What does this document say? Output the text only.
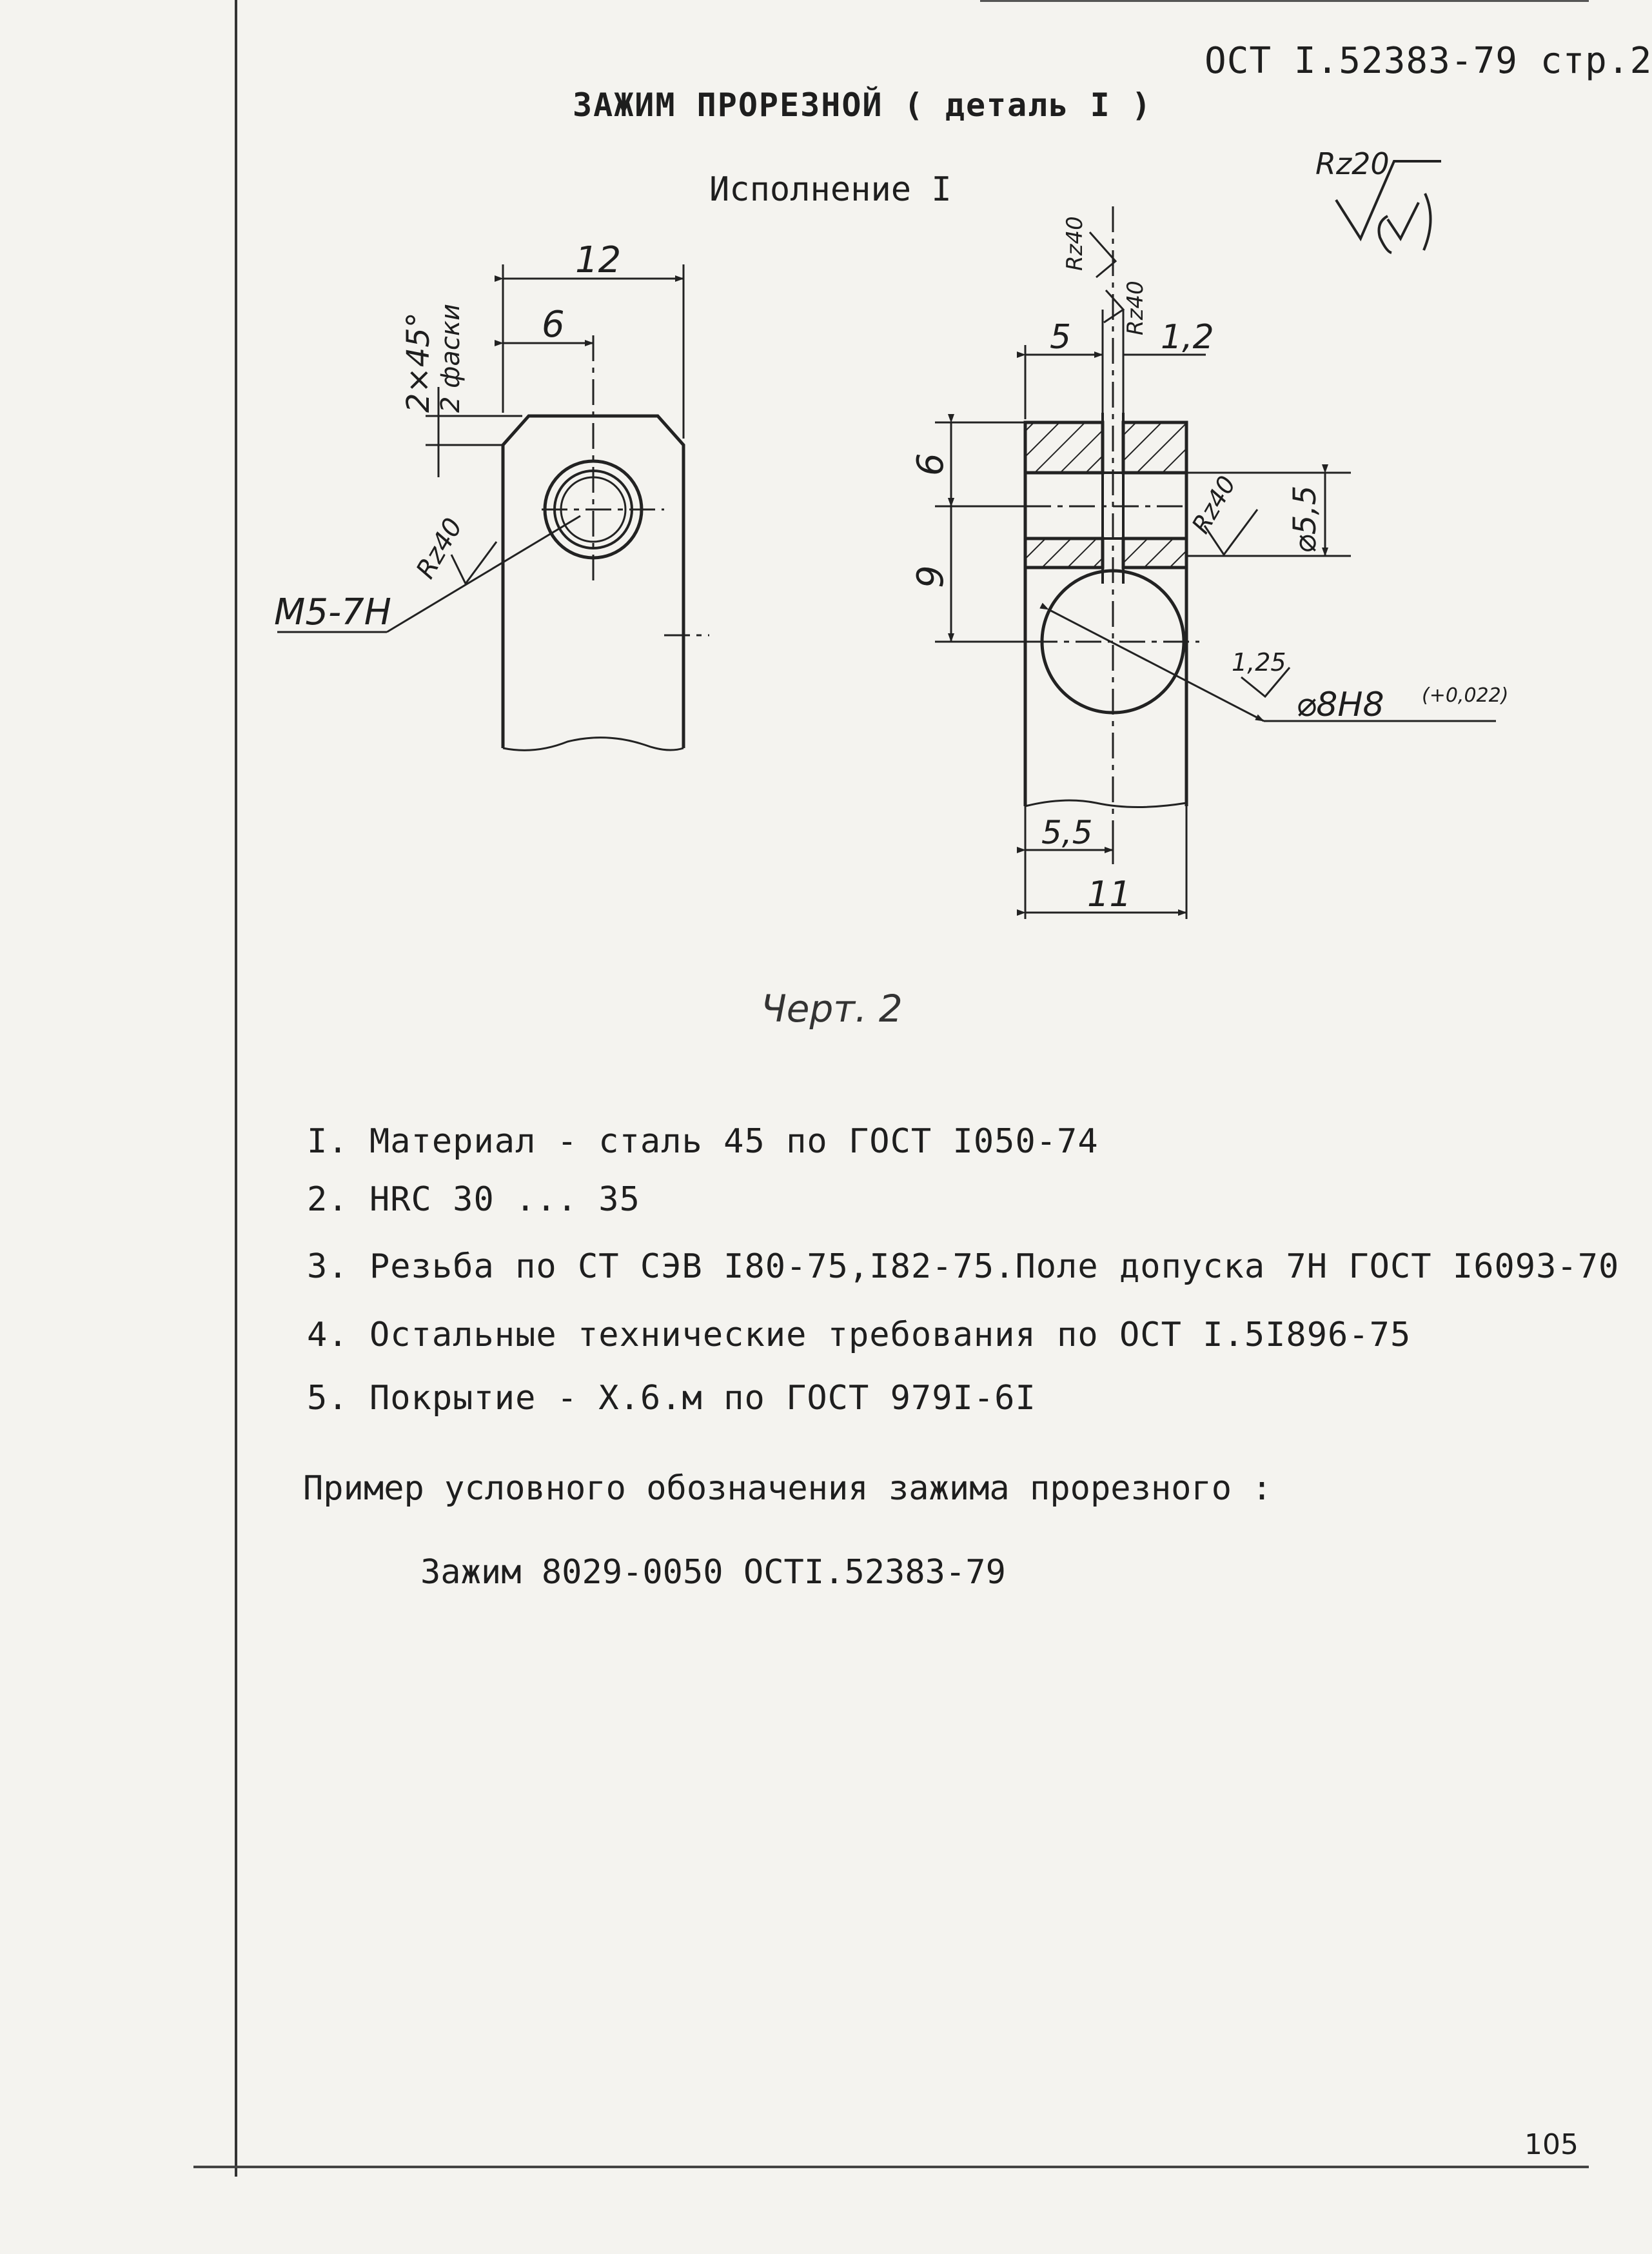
ОСТ I.52383-79 стр.2
ЗАЖИМ ПРОРЕЗНОЙ ( деталь I )
Исполнение I
Rz20
12
6
2×45° 2 фаски
Rz40
М5-7Н
5	1,2
Rz40
Rz40
6
9
Rz40 ⌀5,5
1,25
⌀8Н8 (+0,022)
5,5
11
Черт. 2
I. Материал - сталь 45 по ГОСТ I050-74
2. HRC 30 ... 35
3. Резьба по СТ СЭВ I80-75,I82-75.Поле допуска 7Н ГОСТ I6093-70
4. Остальные технические требования по ОСТ I.5I896-75
5. Покрытие - Х.6.м по ГОСТ 979I-6I
Пример условного обозначения зажима прорезного :
Зажим 8029-0050 ОСТI.52383-79
105
